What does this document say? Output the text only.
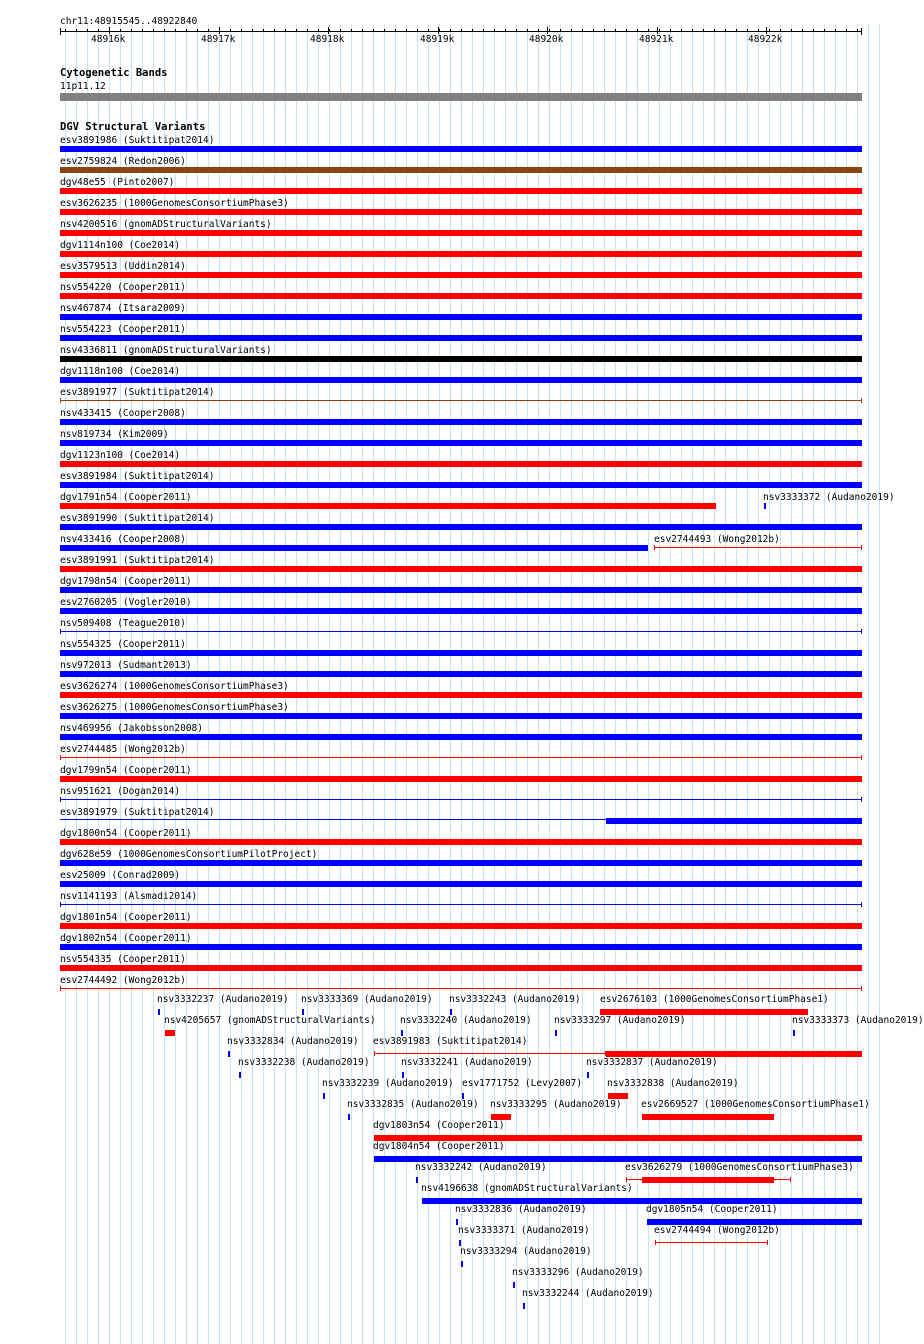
chr11:48915545..48922840
48916k	48917k	48918k	48919k	48920k	48921k	48922k
Cytogenetic Bands
11p11.12
DGV Structural Variants
esv3891986 (Suktitipat2014)
esv2759824 (Redon2006)
dgv48e55 (Pinto2007)
esv3626235 (1000GenomesConsortiumPhase3)
nsv4200516 (gnomADStructuralVariants)
dgv1114n100 (Coe2014)
esv3579513 (Uddin2014)
nsv554220 (Cooper2011)
nsv467874 (Itsara2009)
nsv554223 (Cooper2011)
nsv4336811 (gnomADStructuralVariants)
dgv1118n100 (Coe2014)
esv3891977 (Suktitipat2014)
nsv433415 (Cooper2008)
nsv819734 (Kim2009)
dgv1123n100 (Coe2014)
esv3891984 (Suktitipat2014)
dgv1791n54 (Cooper2011)
esv3891990 (Suktitipat2014)
nsv433416 (Cooper2008)
esv3891991 (Suktitipat2014)
dgv1798n54 (Cooper2011)
esv2760205 (Vogler2010)
nsv509408 (Teague2010)
nsv554325 (Cooper2011)
nsv972013 (Sudmant2013)
esv3626274 (1000GenomesConsortiumPhase3)
esv3626275 (1000GenomesConsortiumPhase3)
nsv469956 (Jakobsson2008)
esv2744485 (Wong2012b)
dgv1799n54 (Cooper2011)
nsv951621 (Dogan2014)
esv3891979 (Suktitipat2014)
dgv1800n54 (Cooper2011)
dgv628e59 (1000GenomesConsortiumPilotProject)
esv25009 (Conrad2009)
nsv1141193 (Alsmadi2014)
dgv1801n54 (Cooper2011)
dgv1802n54 (Cooper2011)
nsv554335 (Cooper2011)
esv2744492 (Wong2012b)
nsv3333372 (Audano2019)
esv2744493 (Wong2012b)
nsv3332237 (Audano2019) nsv3333369 (Audano2019) nsv3332243 (Audano2019) esv2676103 (1000GenomesConsortiumPhase1)
nsv4205657 (gnomADStructuralVariants)	nsv3332240 (Audano2019) nsv3333297 (Audano2019)	nsv3333373 (Audano2019)
nsv3332834 (Audano2019) esv3891983 (Suktitipat2014)
nsv3332238 (Audano2019)	nsv3332241 (Audano2019)	nsv3332837 (Audano2019)
nsv3332239 (Audano2019) esv1771752 (Levy2007)	nsv3332838 (Audano2019)
nsv3332835 (Audano2019) nsv3333295 (Audano2019) esv2669527 (1000GenomesConsortiumPhase1)
dgv1803n54 (Cooper2011)
dgv1804n54 (Cooper2011)
nsv3332242 (Audano2019)	esv3626279 (1000GenomesConsortiumPhase3)
nsv4196638 (gnomADStructuralVariants)
nsv3332836 (Audano2019)	dgv1805n54 (Cooper2011)
nsv3333371 (Audano2019)	esv2744494 (Wong2012b)
nsv3333294 (Audano2019)
nsv3333296 (Audano2019)
nsv3332244 (Audano2019)
